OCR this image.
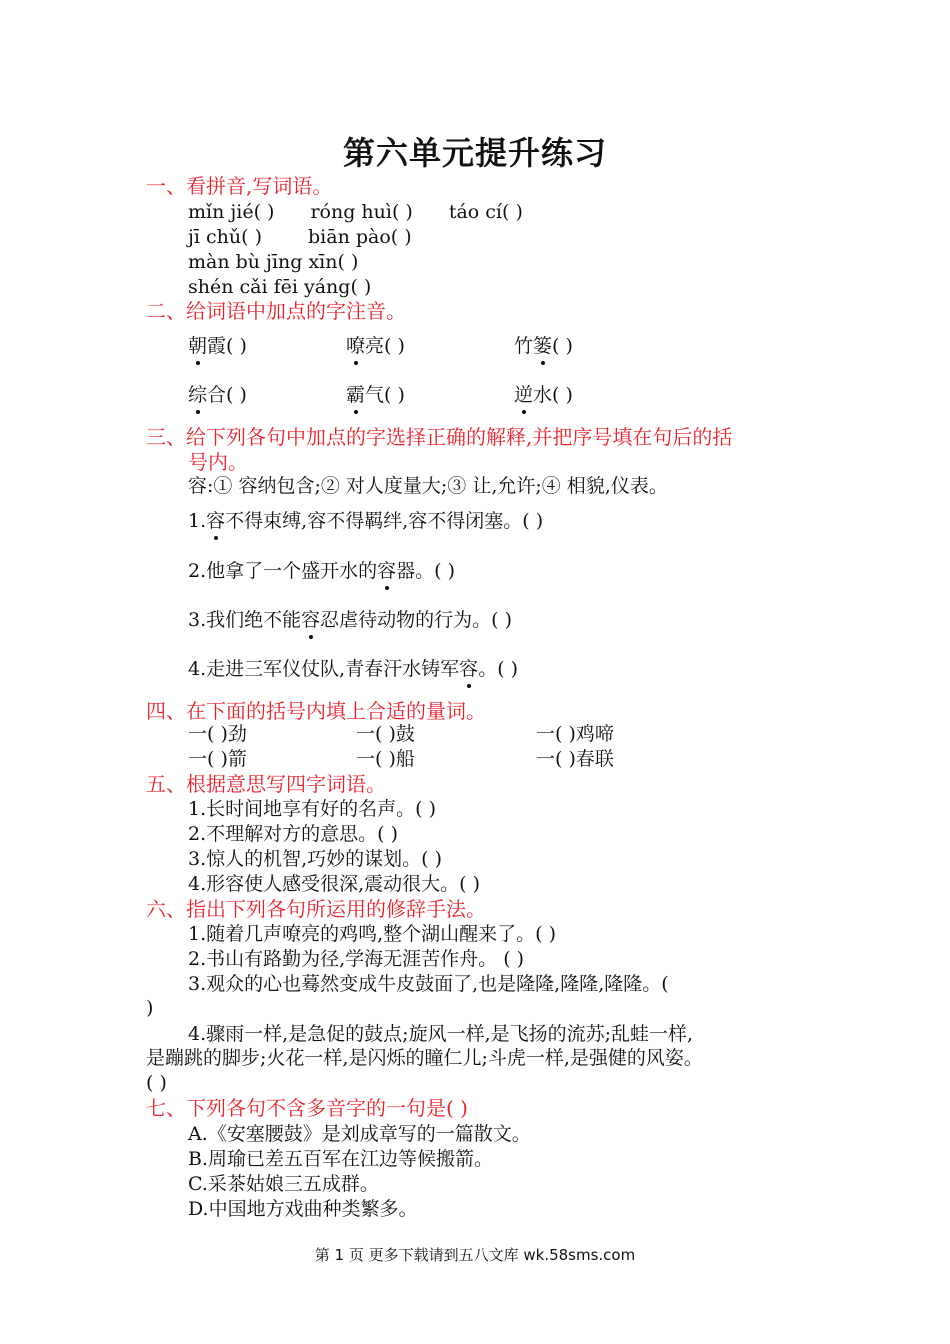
第六单元提升练习
一、看拼音,写词语。
mǐn jié( ) róng huì( ) táo cí( )
jī chǔ( ) biān pào( )
màn bù jīng xīn( )
shén cǎi fēi yáng( )
二、给词语中加点的字注音。
朝霞( )	嘹亮( )	竹篓( )
综合( )	霸气( )	逆水( )
三、给下列各句中加点的字选择正确的解释,并把序号填在句后的括
号内。
容:① 容纳包含;② 对人度量大;③ 让,允许;④ 相貌,仪表。
1.容不得束缚,容不得羁绊,容不得闭塞。( )
2.他拿了一个盛开水的容器。( )
3.我们绝不能容忍虐待动物的行为。( )
4.走进三军仪仗队,青春汗水铸军容。( )
四、在下面的括号内填上合适的量词。
一( )劲	一( )鼓	一( )鸡啼
一( )箭	一( )船	一( )春联
五、根据意思写四字词语。
1.长时间地享有好的名声。( )
2.不理解对方的意思。( )
3.惊人的机智,巧妙的谋划。( )
4.形容使人感受很深,震动很大。( )
六、指出下列各句所运用的修辞手法。
1.随着几声嘹亮的鸡鸣,整个湖山醒来了。( )
2.书山有路勤为径,学海无涯苦作舟。 ( )
3.观众的心也蓦然变成牛皮鼓面了,也是隆隆,隆隆,隆隆。(
)
4.骤雨一样,是急促的鼓点;旋风一样,是飞扬的流苏;乱蛙一样,
是蹦跳的脚步;火花一样,是闪烁的瞳仁儿;斗虎一样,是强健的风姿。
( )
七、下列各句不含多音字的一句是( )
A.《安塞腰鼓》是刘成章写的一篇散文。
B.周瑜已差五百军在江边等候搬箭。
C.采茶姑娘三五成群。
D.中国地方戏曲种类繁多。
第 1 页 更多下载请到五八文库 wk.58sms.com
